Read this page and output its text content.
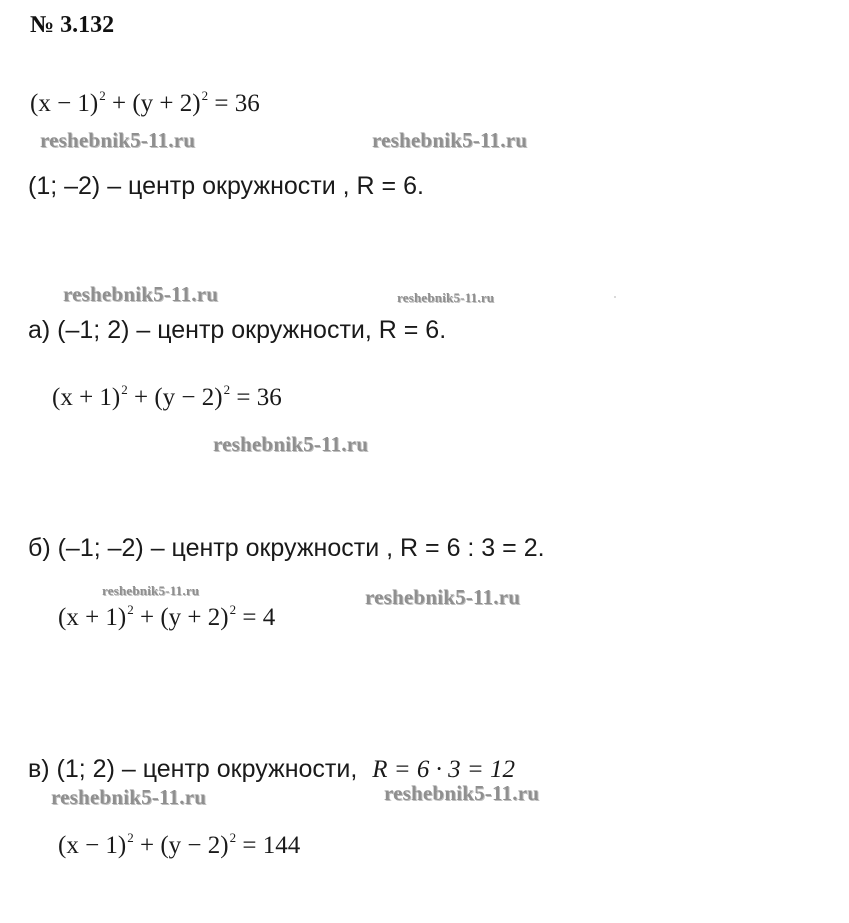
№ 3.132
$(x - 1)^2 + (y + 2)^2 = 36$
reshebnik5-11.ru	reshebnik5-11.ru
(1; –2) – центр окружности , R = 6.
reshebnik5-11.ru	reshebnik5-11.ru
а) (–1; 2) – центр окружности, R = 6.
$(x + 1)^2 + (y - 2)^2 = 36$
reshebnik5-11.ru
б) (–1; –2) – центр окружности , R = 6 : 3 = 2.
reshebnik5-11.ru	reshebnik5-11.ru
$(x + 1)^2 + (y + 2)^2 = 4$
в) (1; 2) – центр окружности, R = 6 · 3 = 12
reshebnik5-11.ru	reshebnik5-11.ru
$(x - 1)^2 + (y - 2)^2 = 144$
